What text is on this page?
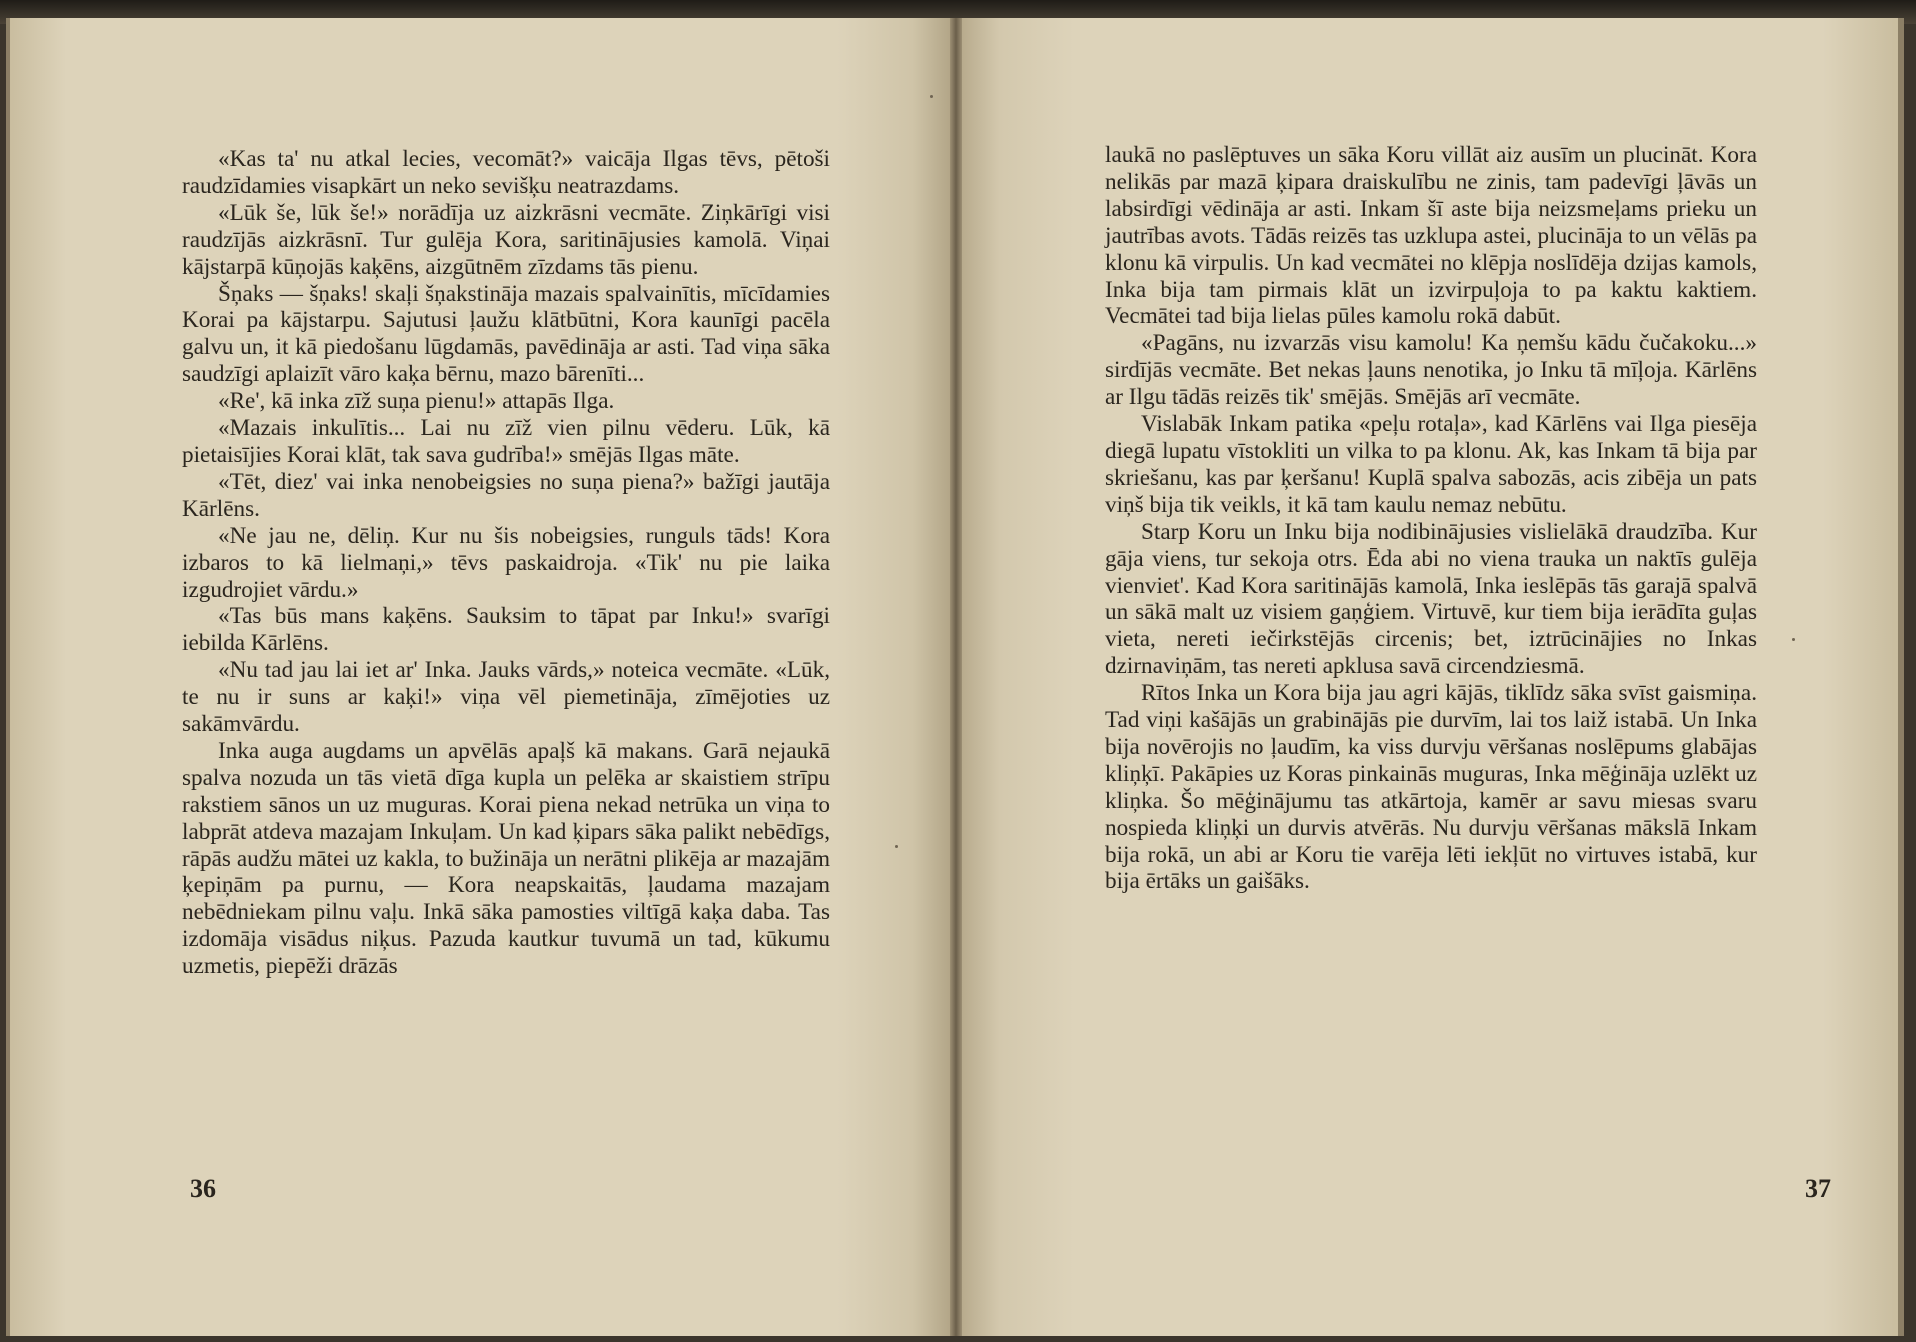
«Kas ta' nu atkal lecies, vecomāt?» vaicāja Ilgas tēvs, pētoši raudzīdamies visapkārt un neko sevišķu neatrazdams.

«Lūk še, lūk še!» norādīja uz aizkrāsni vecmāte. Ziņkārīgi visi raudzījās aizkrāsnī. Tur gulēja Kora, saritinājusies kamolā. Viņai kājstarpā kūņojās kaķēns, aizgūtnēm zīzdams tās pienu.

Šņaks — šņaks! skaļi šņakstināja mazais spalvainītis, mīcīdamies Korai pa kājstarpu. Sajutusi ļaužu klātbūtni, Kora kaunīgi pacēla galvu un, it kā piedošanu lūgdamās, pavēdināja ar asti. Tad viņa sāka saudzīgi aplaizīt vāro kaķa bērnu, mazo bārenīti...

«Re', kā inka zīž suņa pienu!» attapās Ilga.

«Mazais inkulītis... Lai nu zīž vien pilnu vēderu. Lūk, kā pietaisījies Korai klāt, tak sava gudrība!» smējās Ilgas māte.

«Tēt, diez' vai inka nenobeigsies no suņa piena?» bažīgi jautāja Kārlēns.

«Ne jau ne, dēliņ. Kur nu šis nobeigsies, runguls tāds! Kora izbaros to kā lielmaņi,» tēvs paskaidroja. «Tik' nu pie laika izgudrojiet vārdu.»

«Tas būs mans kaķēns. Sauksim to tāpat par Inku!» svarīgi iebilda Kārlēns.

«Nu tad jau lai iet ar' Inka. Jauks vārds,» noteica vecmāte. «Lūk, te nu ir suns ar kaķi!» viņa vēl piemetināja, zīmējoties uz sakāmvārdu.

Inka auga augdams un apvēlās apaļš kā makans. Garā nejaukā spalva nozuda un tās vietā dīga kupla un pelēka ar skaistiem strīpu rakstiem sānos un uz muguras. Korai piena nekad netrūka un viņa to labprāt atdeva mazajam Inkuļam. Un kad ķipars sāka palikt nebēdīgs, rāpās audžu mātei uz kakla, to bužināja un nerātni plikēja ar mazajām ķepiņām pa purnu, — Kora neapskaitās, ļaudama mazajam nebēdniekam pilnu vaļu. Inkā sāka pamosties viltīgā kaķa daba. Tas izdomāja visādus niķus. Pazuda kautkur tuvumā un tad, kūkumu uzmetis, piepēži drāzās

36

laukā no paslēptuves un sāka Koru villāt aiz ausīm un plucināt. Kora nelikās par mazā ķipara draiskulību ne zinis, tam padevīgi ļāvās un labsirdīgi vēdināja ar asti. Inkam šī aste bija neizsmeļams prieku un jautrības avots. Tādās reizēs tas uzklupa astei, plucināja to un vēlās pa klonu kā virpulis. Un kad vecmātei no klēpja noslīdēja dzijas kamols, Inka bija tam pirmais klāt un izvirpuļoja to pa kaktu kaktiem. Vecmātei tad bija lielas pūles kamolu rokā dabūt.

«Pagāns, nu izvarzās visu kamolu! Ka ņemšu kādu čučakoku...» sirdījās vecmāte. Bet nekas ļauns nenotika, jo Inku tā mīļoja. Kārlēns ar Ilgu tādās reizēs tik' smējās. Smējās arī vecmāte.

Vislabāk Inkam patika «peļu rotaļa», kad Kārlēns vai Ilga piesēja diegā lupatu vīstokliti un vilka to pa klonu. Ak, kas Inkam tā bija par skriešanu, kas par ķeršanu! Kuplā spalva sabozās, acis zibēja un pats viņš bija tik veikls, it kā tam kaulu nemaz nebūtu.

Starp Koru un Inku bija nodibinājusies vislielākā draudzība. Kur gāja viens, tur sekoja otrs. Ēda abi no viena trauka un naktīs gulēja vienviet'. Kad Kora saritinājās kamolā, Inka ieslēpās tās garajā spalvā un sākā malt uz visiem gaņģiem. Virtuvē, kur tiem bija ierādīta guļas vieta, nereti iečirkstējās circenis; bet, iztrūcinājies no Inkas dzirnaviņām, tas nereti apklusa savā circendziesmā.

Rītos Inka un Kora bija jau agri kājās, tiklīdz sāka svīst gaismiņa. Tad viņi kašājās un grabinājās pie durvīm, lai tos laiž istabā. Un Inka bija novērojis no ļaudīm, ka viss durvju vēršanas noslēpums glabājas kliņķī. Pakāpies uz Koras pinkainās muguras, Inka mēģināja uzlēkt uz kliņka. Šo mēģinājumu tas atkārtoja, kamēr ar savu miesas svaru nospieda kliņķi un durvis atvērās. Nu durvju vēršanas mākslā Inkam bija rokā, un abi ar Koru tie varēja lēti iekļūt no virtuves istabā, kur bija ērtāks un gaišāks.

37
